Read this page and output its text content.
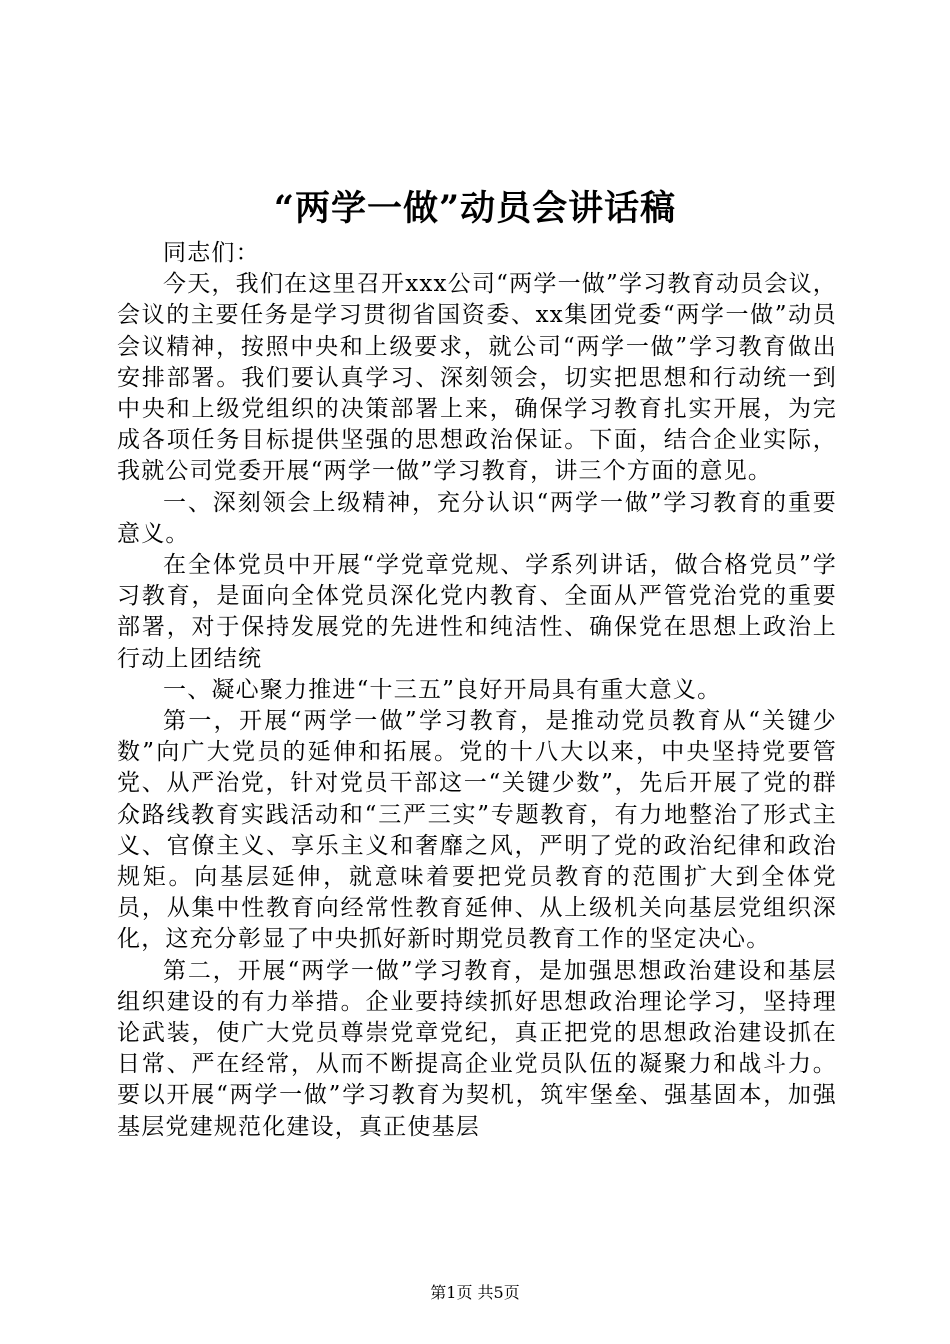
“两学一做”动员会讲话稿

同志们：

今天，我们在这里召开xxx公司“两学一做”学习教育动员会议，会议的主要任务是学习贯彻省国资委、xx集团党委“两学一做”动员会议精神，按照中央和上级要求，就公司“两学一做”学习教育做出安排部署。我们要认真学习、深刻领会，切实把思想和行动统一到中央和上级党组织的决策部署上来，确保学习教育扎实开展，为完成各项任务目标提供坚强的思想政治保证。下面，结合企业实际，我就公司党委开展“两学一做”学习教育，讲三个方面的意见。

一、深刻领会上级精神，充分认识“两学一做”学习教育的重要意义。

在全体党员中开展“学党章党规、学系列讲话，做合格党员”学习教育，是面向全体党员深化党内教育、全面从严管党治党的重要部署，对于保持发展党的先进性和纯洁性、确保党在思想上政治上行动上团结统

一、凝心聚力推进“十三五”良好开局具有重大意义。

第一，开展“两学一做”学习教育，是推动党员教育从“关键少数”向广大党员的延伸和拓展。党的十八大以来，中央坚持党要管党、从严治党，针对党员干部这一“关键少数”，先后开展了党的群众路线教育实践活动和“三严三实”专题教育，有力地整治了形式主义、官僚主义、享乐主义和奢靡之风，严明了党的政治纪律和政治规矩。向基层延伸，就意味着要把党员教育的范围扩大到全体党员，从集中性教育向经常性教育延伸、从上级机关向基层党组织深化，这充分彰显了中央抓好新时期党员教育工作的坚定决心。

第二，开展“两学一做”学习教育，是加强思想政治建设和基层组织建设的有力举措。企业要持续抓好思想政治理论学习，坚持理论武装，使广大党员尊崇党章党纪，真正把党的思想政治建设抓在日常、严在经常，从而不断提高企业党员队伍的凝聚力和战斗力。要以开展“两学一做”学习教育为契机，筑牢堡垒、强基固本，加强基层党建规范化建设，真正使基层

第1页 共5页
